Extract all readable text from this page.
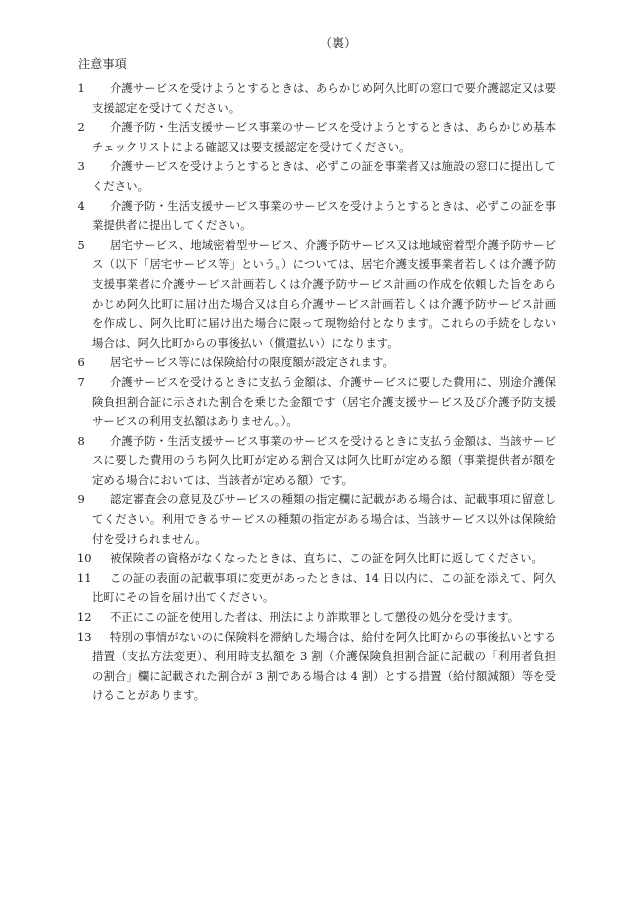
（裏）
注意事項
1	介護サービスを受けようとするときは、あらかじめ阿久比町の窓口で要介護認定又は要支援認定を受けてください。
2	介護予防・生活支援サービス事業のサービスを受けようとするときは、あらかじめ基本チェックリストによる確認又は要支援認定を受けてください。
3	介護サービスを受けようとするときは、必ずこの証を事業者又は施設の窓口に提出してください。
4	介護予防・生活支援サービス事業のサービスを受けようとするときは、必ずこの証を事業提供者に提出してください。
5	居宅サービス、地域密着型サービス、介護予防サービス又は地域密着型介護予防サービス（以下「居宅サービス等」という。）については、居宅介護支援事業者若しくは介護予防支援事業者に介護サービス計画若しくは介護予防サービス計画の作成を依頼した旨をあらかじめ阿久比町に届け出た場合又は自ら介護サービス計画若しくは介護予防サービス計画を作成し、阿久比町に届け出た場合に限って現物給付となります。これらの手続をしない場合は、阿久比町からの事後払い（償還払い）になります。
6	居宅サービス等には保険給付の限度額が設定されます。
7	介護サービスを受けるときに支払う金額は、介護サービスに要した費用に、別途介護保険負担割合証に示された割合を乗じた金額です（居宅介護支援サービス及び介護予防支援サービスの利用支払額はありません。）。
8	介護予防・生活支援サービス事業のサービスを受けるときに支払う金額は、当該サービスに要した費用のうち阿久比町が定める割合又は阿久比町が定める額（事業提供者が額を定める場合においては、当該者が定める額）です。
9	認定審査会の意見及びサービスの種類の指定欄に記載がある場合は、記載事項に留意してください。利用できるサービスの種類の指定がある場合は、当該サービス以外は保険給付を受けられません。
10	被保険者の資格がなくなったときは、直ちに、この証を阿久比町に返してください。
11	この証の表面の記載事項に変更があったときは、14 日以内に、この証を添えて、阿久比町にその旨を届け出てください。
12	不正にこの証を使用した者は、刑法により詐欺罪として懲役の処分を受けます。
13	特別の事情がないのに保険料を滞納した場合は、給付を阿久比町からの事後払いとする措置（支払方法変更）、利用時支払額を 3 割（介護保険負担割合証に記載の「利用者負担の割合」欄に記載された割合が 3 割である場合は 4 割）とする措置（給付額減額）等を受けることがあります。
